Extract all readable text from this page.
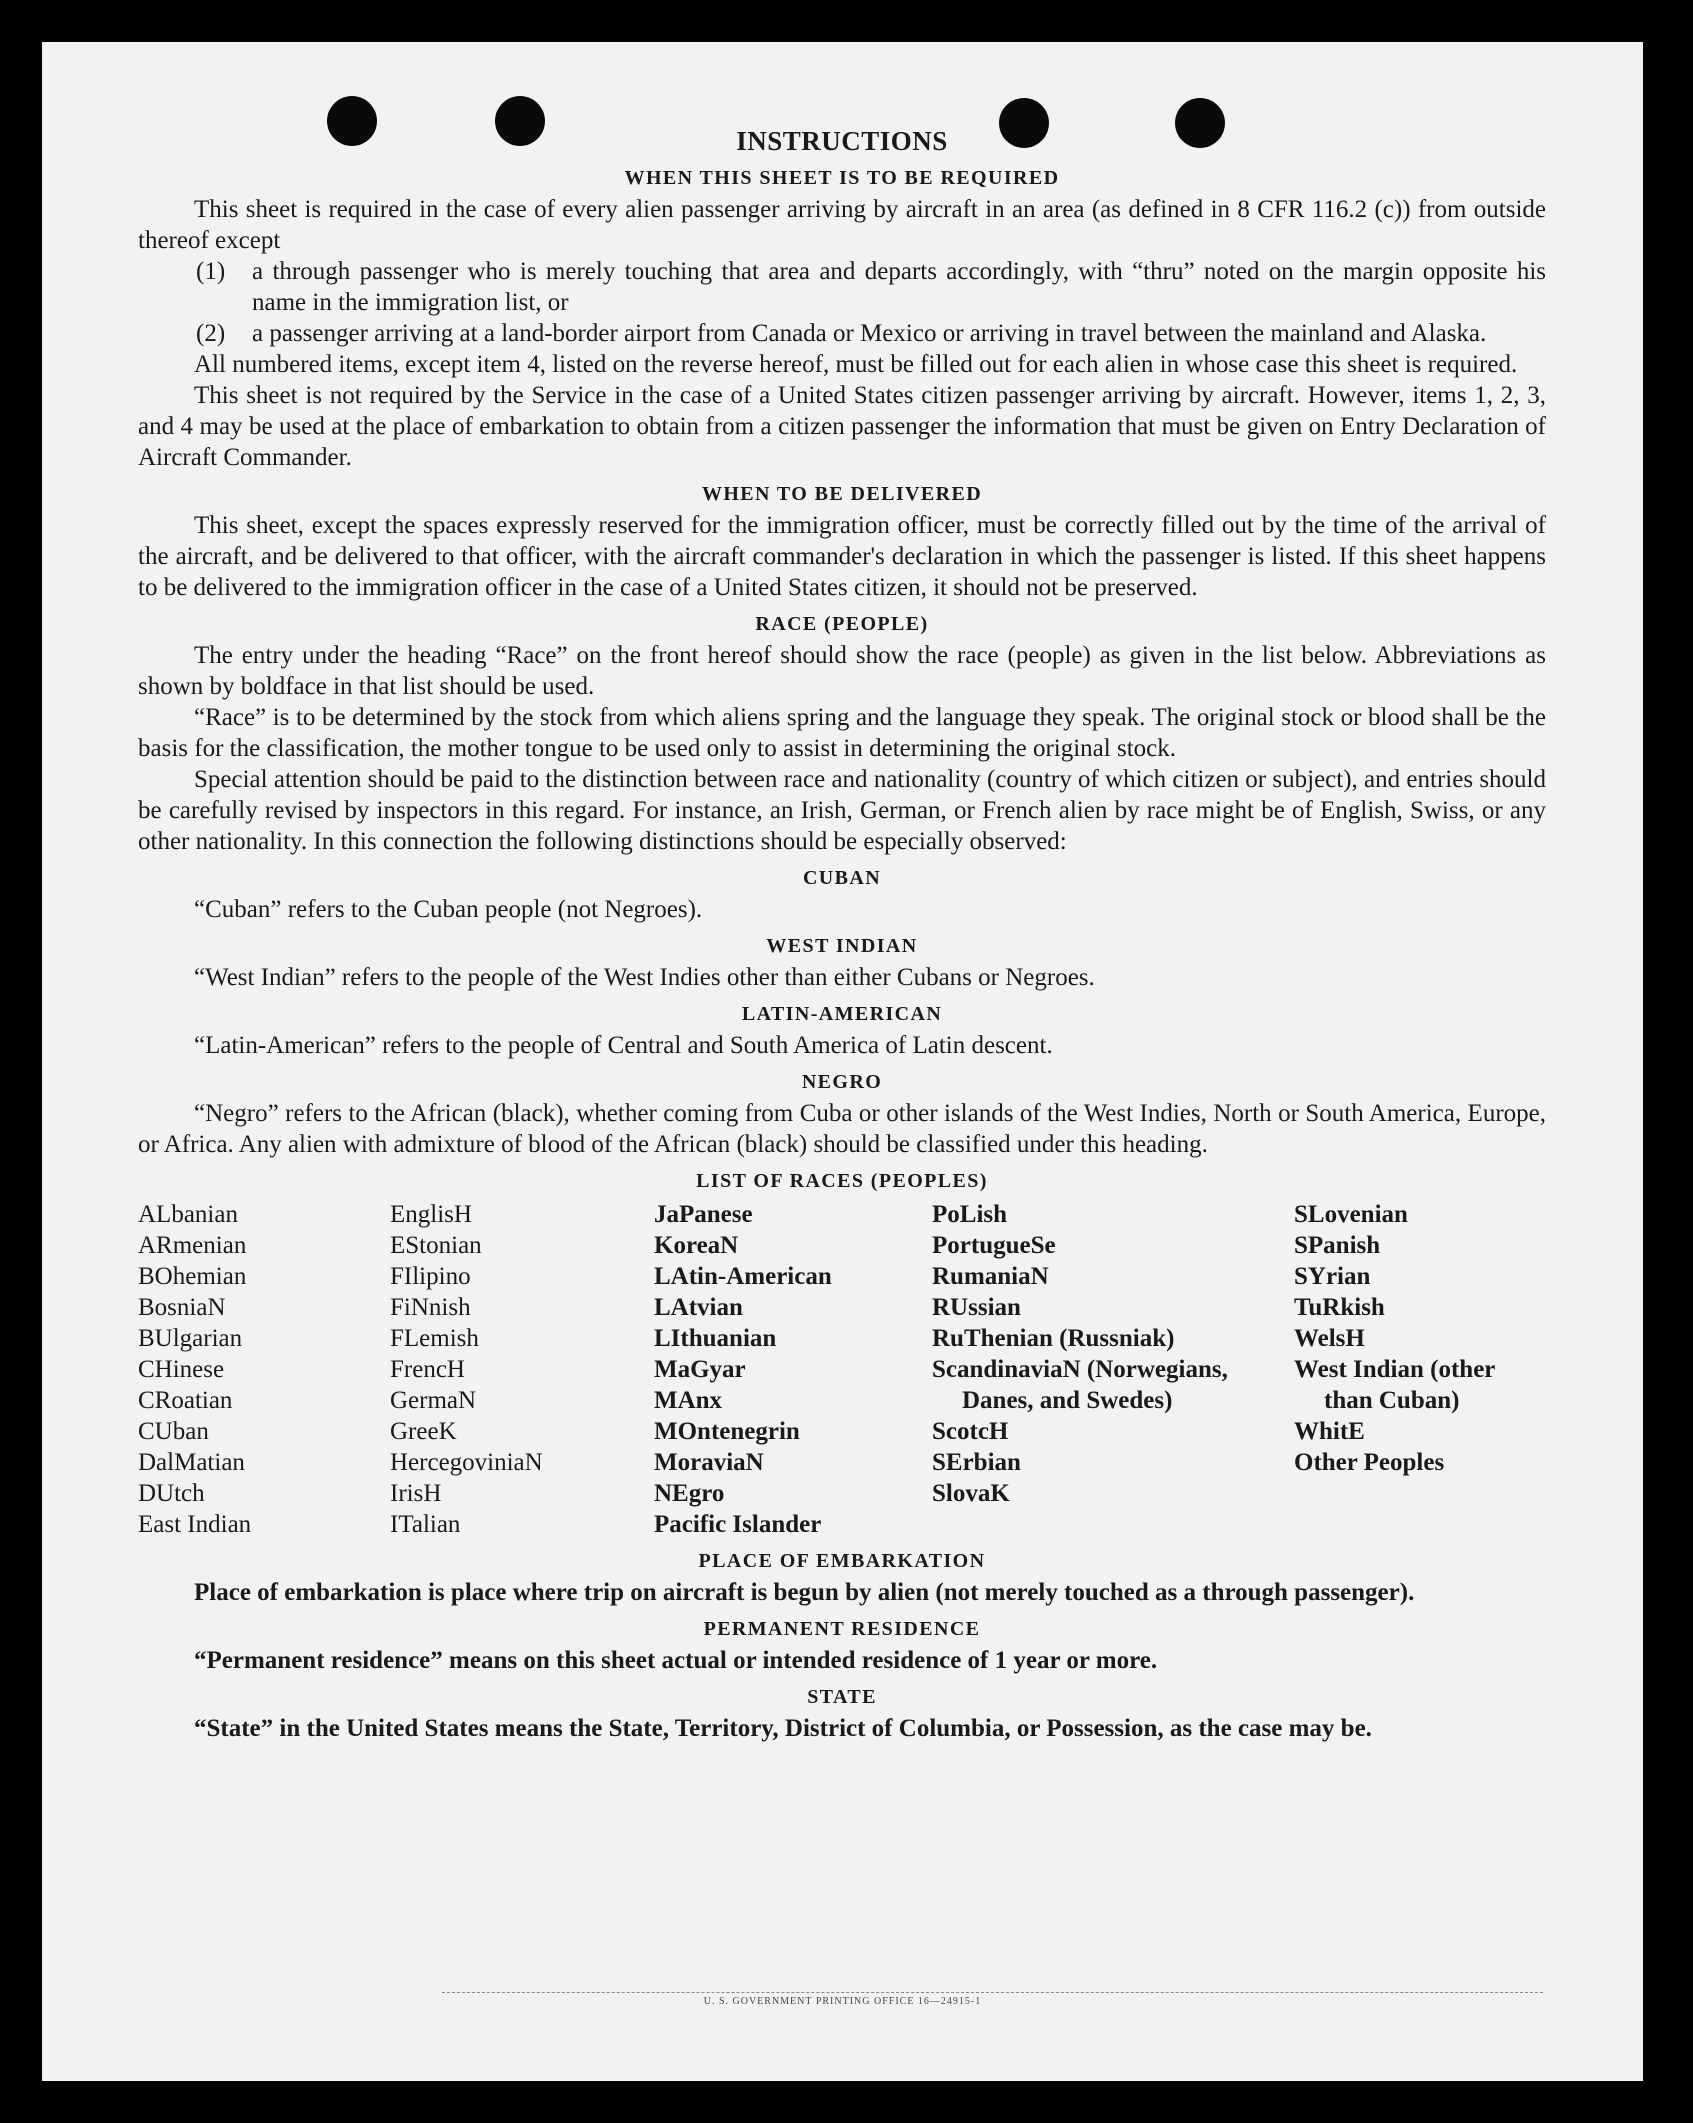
INSTRUCTIONS
WHEN THIS SHEET IS TO BE REQUIRED

This sheet is required in the case of every alien passenger arriving by aircraft in an area (as defined in 8 CFR 116.2 (c)) from outside thereof except

(1)	a through passenger who is merely touching that area and departs accordingly, with “thru” noted on the margin opposite his name in the immigration list, or
(2)	a passenger arriving at a land-border airport from Canada or Mexico or arriving in travel between the mainland and Alaska.

All numbered items, except item 4, listed on the reverse hereof, must be filled out for each alien in whose case this sheet is required.

This sheet is not required by the Service in the case of a United States citizen passenger arriving by aircraft. However, items 1, 2, 3, and 4 may be used at the place of embarkation to obtain from a citizen passenger the information that must be given on Entry Declaration of Aircraft Commander.

WHEN TO BE DELIVERED

This sheet, except the spaces expressly reserved for the immigration officer, must be correctly filled out by the time of the arrival of the aircraft, and be delivered to that officer, with the aircraft commander's declaration in which the passenger is listed. If this sheet happens to be delivered to the immigration officer in the case of a United States citizen, it should not be preserved.

RACE (PEOPLE)

The entry under the heading “Race” on the front hereof should show the race (people) as given in the list below. Abbreviations as shown by boldface in that list should be used.

“Race” is to be determined by the stock from which aliens spring and the language they speak. The original stock or blood shall be the basis for the classification, the mother tongue to be used only to assist in determining the original stock.

Special attention should be paid to the distinction between race and nationality (country of which citizen or subject), and entries should be carefully revised by inspectors in this regard. For instance, an Irish, German, or French alien by race might be of English, Swiss, or any other nationality. In this connection the following distinctions should be especially observed:

CUBAN

“Cuban” refers to the Cuban people (not Negroes).

WEST INDIAN

“West Indian” refers to the people of the West Indies other than either Cubans or Negroes.

LATIN-AMERICAN

“Latin-American” refers to the people of Central and South America of Latin descent.

NEGRO

“Negro” refers to the African (black), whether coming from Cuba or other islands of the West Indies, North or South America, Europe, or Africa. Any alien with admixture of blood of the African (black) should be classified under this heading.

LIST OF RACES (PEOPLES)
ALbanian
ARmenian
BOhemian
BosniaN
BUlgarian
CHinese
CRoatian
CUban
DalMatian
DUtch
East Indian
EnglisH
EStonian
FIlipino
FiNnish
FLemish
FrencH
GermaN
GreeK
HercegoviniaN
IrisH
ITalian
JaPanese
KoreaN
LAtin-American
LAtvian
LIthuanian
MaGyar
MAnx
MOntenegrin
MoraviaN
NEgro
Pacific Islander
PoLish
PortugueSe
RumaniaN
RUssian
RuThenian (Russniak)
ScandinaviaN (Norwegians, Danes, and Swedes)
ScotcH
SErbian
SlovaK
SLovenian
SPanish
SYrian
TuRkish
WelsH
West Indian (other than Cuban)
WhitE
Other Peoples
PLACE OF EMBARKATION

Place of embarkation is place where trip on aircraft is begun by alien (not merely touched as a through passenger).

PERMANENT RESIDENCE

“Permanent residence” means on this sheet actual or intended residence of 1 year or more.

STATE

“State” in the United States means the State, Territory, District of Columbia, or Possession, as the case may be.

U. S. GOVERNMENT PRINTING OFFICE 16—24915-1
